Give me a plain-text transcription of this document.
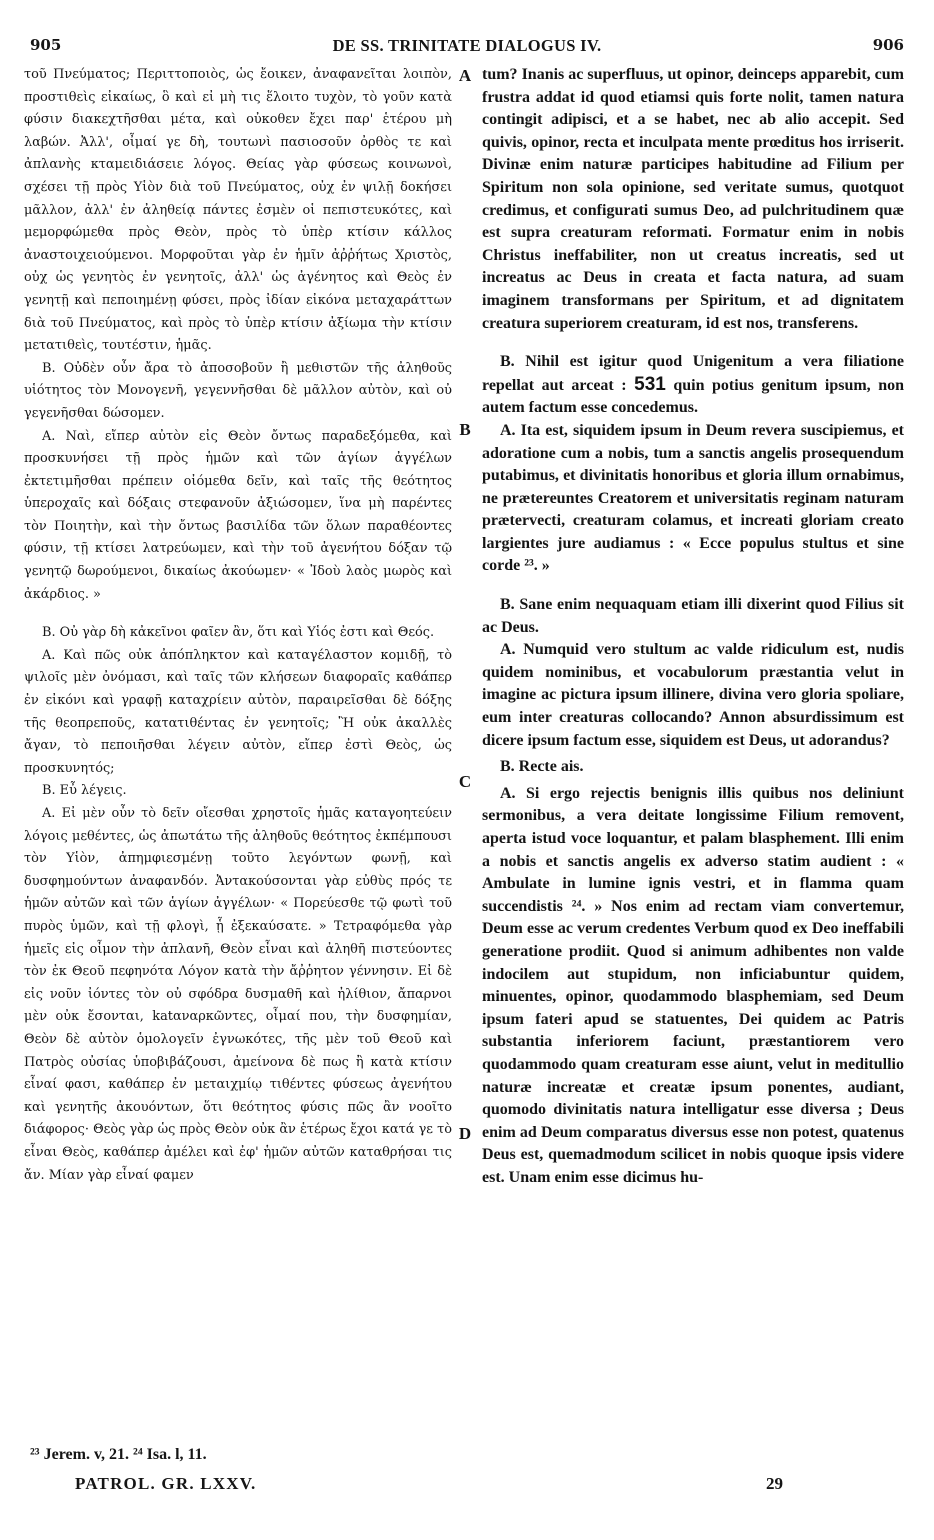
905	DE SS. TRINITATE DIALOGUS IV.	906

τοῦ Πνεύματος; Περιττοποιὸς, ὡς ἔοικεν, ἀναφανεῖται λοιπὸν, προστιθεὶς εἰκαίως, ὃ καὶ εἰ μὴ τις ἕλοιτο τυχὸν, τὸ γοῦν κατὰ φύσιν διακεχτῆσθαι μέτα, καὶ οὐκοθεν ἔχει παρ' ἑτέρου μὴ λαβών. Ἀλλ', οἶμαί γε δὴ, τουτωνὶ πασιοσοῦν ὀρθὸς τε καὶ ἀπλανὴς κταμειδιάσειε λόγος. Θείας γὰρ φύσεως κοινωνοὶ, σχέσει τῇ πρὸς Υἱὸν διὰ τοῦ Πνεύματος, οὐχ ἐν ψιλῇ δοκήσει μᾶλλον, ἀλλ' ἐν ἀληθείᾳ πάντες ἐσμὲν οἱ πεπιστευκότες, καὶ μεμορφώμεθα πρὸς Θεὸν, πρὸς τὸ ὑπὲρ κτίσιν κάλλος ἀναστοιχειούμενοι. Μορφοῦται γὰρ ἐν ἡμῖν ἀῤῥήτως Χριστὸς, οὐχ ὡς γενητὸς ἐν γενητοῖς, ἀλλ' ὡς ἀγένητος καὶ Θεὸς ἐν γενητῇ καὶ πεποιημένῃ φύσει, πρὸς ἰδίαν εἰκόνα μεταχαράττων διὰ τοῦ Πνεύματος, καὶ πρὸς τὸ ὑπὲρ κτίσιν ἀξίωμα τὴν κτίσιν μετατιθεὶς, τουτέστιν, ἡμᾶς.

B. Οὐδὲν οὖν ἄρα τὸ ἀποσοβοῦν ἢ μεθιστῶν τῆς ἀληθοῦς υἱότητος τὸν Μονογενῆ, γεγεννῆσθαι δὲ μᾶλλον αὐτὸν, καὶ οὐ γεγενῆσθαι δώσομεν.

A. Ναὶ, εἴπερ αὐτὸν εἰς Θεὸν ὄντως παραδεξόμεθα, καὶ προσκυνήσει τῇ πρὸς ἡμῶν καὶ τῶν ἁγίων ἀγγέλων ἐκτετιμῆσθαι πρέπειν οἰόμεθα δεῖν, καὶ ταῖς τῆς θεότητος ὑπεροχαῖς καὶ δόξαις στεφανοῦν ἀξιώσομεν, ἵνα μὴ παρέντες τὸν Ποιητὴν, καὶ τὴν ὄντως βασιλίδα τῶν ὅλων παραθέοντες φύσιν, τῇ κτίσει λατρεύωμεν, καὶ τὴν τοῦ ἀγενήτου δόξαν τῷ γενητῷ δωρούμενοι, δικαίως ἀκούωμεν· « Ἰδοὺ λαὸς μωρὸς καὶ ἀκάρδιος. »

B. Οὐ γὰρ δὴ κἀκεῖνοι φαῖεν ἂν, ὅτι καὶ Υἱός ἐστι καὶ Θεός.

A. Καὶ πῶς οὐκ ἀπόπληκτον καὶ καταγέλαστον κομιδῇ, τὸ ψιλοῖς μὲν ὀνόμασι, καὶ ταῖς τῶν κλήσεων διαφοραῖς καθάπερ ἐν εἰκόνι καὶ γραφῇ καταχρίειν αὐτὸν, παραιρεῖσθαι δὲ δόξης τῆς θεοπρεποῦς, κατατιθέντας ἐν γενητοῖς; Ἢ οὐκ ἀκαλλὲς ἄγαν, τὸ πεποιῆσθαι λέγειν αὐτὸν, εἴπερ ἐστὶ Θεὸς, ὡς προσκυνητός;

B. Εὖ λέγεις.

A. Εἰ μὲν οὖν τὸ δεῖν οἴεσθαι χρηστοῖς ἡμᾶς καταγοητεύειν λόγοις μεθέντες, ὡς ἀπωτάτω τῆς ἀληθοῦς θεότητος ἐκπέμπουσι τὸν Υἱὸν, ἀπημφιεσμένῃ τοῦτο λεγόντων φωνῇ, καὶ δυσφημούντων ἀναφανδόν. Ἀντακούσονται γὰρ εὐθὺς πρός τε ἡμῶν αὐτῶν καὶ τῶν ἁγίων ἀγγέλων· « Πορεύεσθε τῷ φωτὶ τοῦ πυρὸς ὑμῶν, καὶ τῇ φλογὶ, ᾗ ἐξεκαύσατε. » Τετραφόμεθα γὰρ ἡμεῖς εἰς οἶμον τὴν ἀπλανῆ, Θεὸν εἶναι καὶ ἀληθῆ πιστεύοντες τὸν ἐκ Θεοῦ πεφηνότα Λόγον κατὰ τὴν ἄῤῥητον γέννησιν. Εἰ δὲ εἰς νοῦν ἰόντες τὸν οὐ σφόδρα δυσμαθῆ καὶ ἠλίθιον, ἄπαρνοι μὲν οὐκ ἔσονται, katαναρκῶντες, οἶμαί που, τὴν δυσφημίαν, Θεὸν δὲ αὐτὸν ὁμολογεῖν ἐγνωκότες, τῆς μὲν τοῦ Θεοῦ καὶ Πατρὸς οὐσίας ὑποβιβάζουσι, ἀμείνονα δὲ πως ἢ κατὰ κτίσιν εἶναί φασι, καθάπερ ἐν μεταιχμίῳ τιθέντες φύσεως ἀγενήτου καὶ γενητῆς ἀκουόντων, ὅτι θεότητος φύσις πῶς ἂν νοοῖτο διάφορος· Θεὸς γὰρ ὡς πρὸς Θεὸν οὐκ ἂν ἑτέρως ἔχοι κατά γε τὸ εἶναι Θεὸς, καθάπερ ἀμέλει καὶ ἐφ' ἡμῶν αὐτῶν καταθρήσαι τις ἄν. Μίαν γὰρ εἶναί φαμεν

A
B
C
D

tum? Inanis ac superfluus, ut opinor, deinceps apparebit, cum frustra addat id quod etiamsi quis forte nolit, tamen natura contingit adipisci, et a se habet, nec ab alio accepit. Sed quivis, opinor, recta et inculpata mente prœditus hos irriserit. Divinæ enim naturæ participes habitudine ad Filium per Spiritum non sola opinione, sed veritate sumus, quotquot credimus, et configurati sumus Deo, ad pulchritudinem quæ est supra creaturam reformati. Formatur enim in nobis Christus ineffabiliter, non ut creatus increatis, sed ut increatus ac Deus in creata et facta natura, ad suam imaginem transformans per Spiritum, et ad dignitatem creatura superiorem creaturam, id est nos, transferens.

B. Nihil est igitur quod Unigenitum a vera filiatione repellat aut arceat : 531 quin potius genitum ipsum, non autem factum esse concedemus.

A. Ita est, siquidem ipsum in Deum revera suscipiemus, et adoratione cum a nobis, tum a sanctis angelis prosequendum putabimus, et divinitatis honoribus et gloria illum ornabimus, ne prætereuntes Creatorem et universitatis reginam naturam prætervecti, creaturam colamus, et increati gloriam creato largientes jure audiamus : « Ecce populus stultus et sine corde ²³. »

B. Sane enim nequaquam etiam illi dixerint quod Filius sit ac Deus.

A. Numquid vero stultum ac valde ridiculum est, nudis quidem nominibus, et vocabulorum præstantia velut in imagine ac pictura ipsum illinere, divina vero gloria spoliare, eum inter creaturas collocando? Annon absurdissimum est dicere ipsum factum esse, siquidem est Deus, ut adorandus?

B. Recte ais.

A. Si ergo rejectis benignis illis quibus nos deliniunt sermonibus, a vera deitate longissime Filium removent, aperta istud voce loquantur, et palam blasphement. Illi enim a nobis et sanctis angelis ex adverso statim audient : « Ambulate in lumine ignis vestri, et in flamma quam succendistis ²⁴. » Nos enim ad rectam viam convertemur, Deum esse ac verum credentes Verbum quod ex Deo ineffabili generatione prodiit. Quod si animum adhibentes non valde indocilem aut stupidum, non inficiabuntur quidem, minuentes, opinor, quodammodo blasphemiam, sed Deum ipsum fateri apud se statuentes, Dei quidem ac Patris substantia inferiorem faciunt, præstantiorem vero quodammodo quam creaturam esse aiunt, velut in meditullio naturæ increatæ et creatæ ipsum ponentes, audiant, quomodo divinitatis natura intelligatur esse diversa ; Deus enim ad Deum comparatus diversus esse non potest, quatenus Deus est, quemadmodum scilicet in nobis quoque ipsis videre est. Unam enim esse dicimus hu-

²³ Jerem. v, 21. ²⁴ Isa. l, 11.
PATROL. GR. LXXV.	29
